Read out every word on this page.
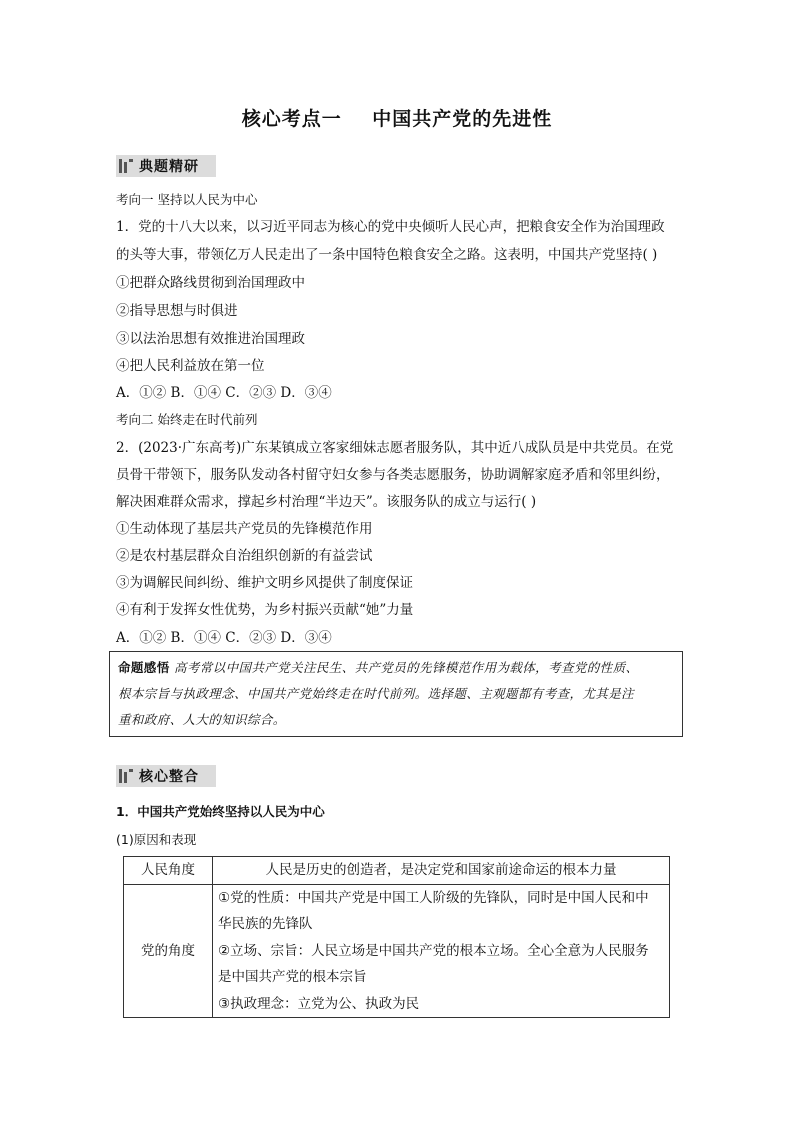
核心考点一    中国共产党的先进性
典题精研
考向一 坚持以人民为中心
1．党的十八大以来，以习近平同志为核心的党中央倾听人民心声，把粮食安全作为治国理政
的头等大事，带领亿万人民走出了一条中国特色粮食安全之路。这表明，中国共产党坚持( )
①把群众路线贯彻到治国理政中
②指导思想与时俱进
③以法治思想有效推进治国理政
④把人民利益放在第一位
A．①② B．①④ C．②③ D．③④
考向二 始终走在时代前列
2．(2023·广东高考)广东某镇成立客家细妹志愿者服务队，其中近八成队员是中共党员。在党
员骨干带领下，服务队发动各村留守妇女参与各类志愿服务，协助调解家庭矛盾和邻里纠纷，
解决困难群众需求，撑起乡村治理“半边天”。该服务队的成立与运行( )
①生动体现了基层共产党员的先锋模范作用
②是农村基层群众自治组织创新的有益尝试
③为调解民间纠纷、维护文明乡风提供了制度保证
④有利于发挥女性优势，为乡村振兴贡献“她”力量
A．①② B．①④ C．②③ D．③④
命题感悟 高考常以中国共产党关注民生、共产党员的先锋模范作用为载体，考查党的性质、
根本宗旨与执政理念、中国共产党始终走在时代前列。选择题、主观题都有考查，尤其是注
重和政府、人大的知识综合。
核心整合
1．中国共产党始终坚持以人民为中心
(1)原因和表现
人民角度	人民是历史的创造者，是决定党和国家前途命运的根本力量
党的角度	①党的性质：中国共产党是中国工人阶级的先锋队，同时是中国人民和中
华民族的先锋队
②立场、宗旨：人民立场是中国共产党的根本立场。全心全意为人民服务
是中国共产党的根本宗旨
③执政理念：立党为公、执政为民
